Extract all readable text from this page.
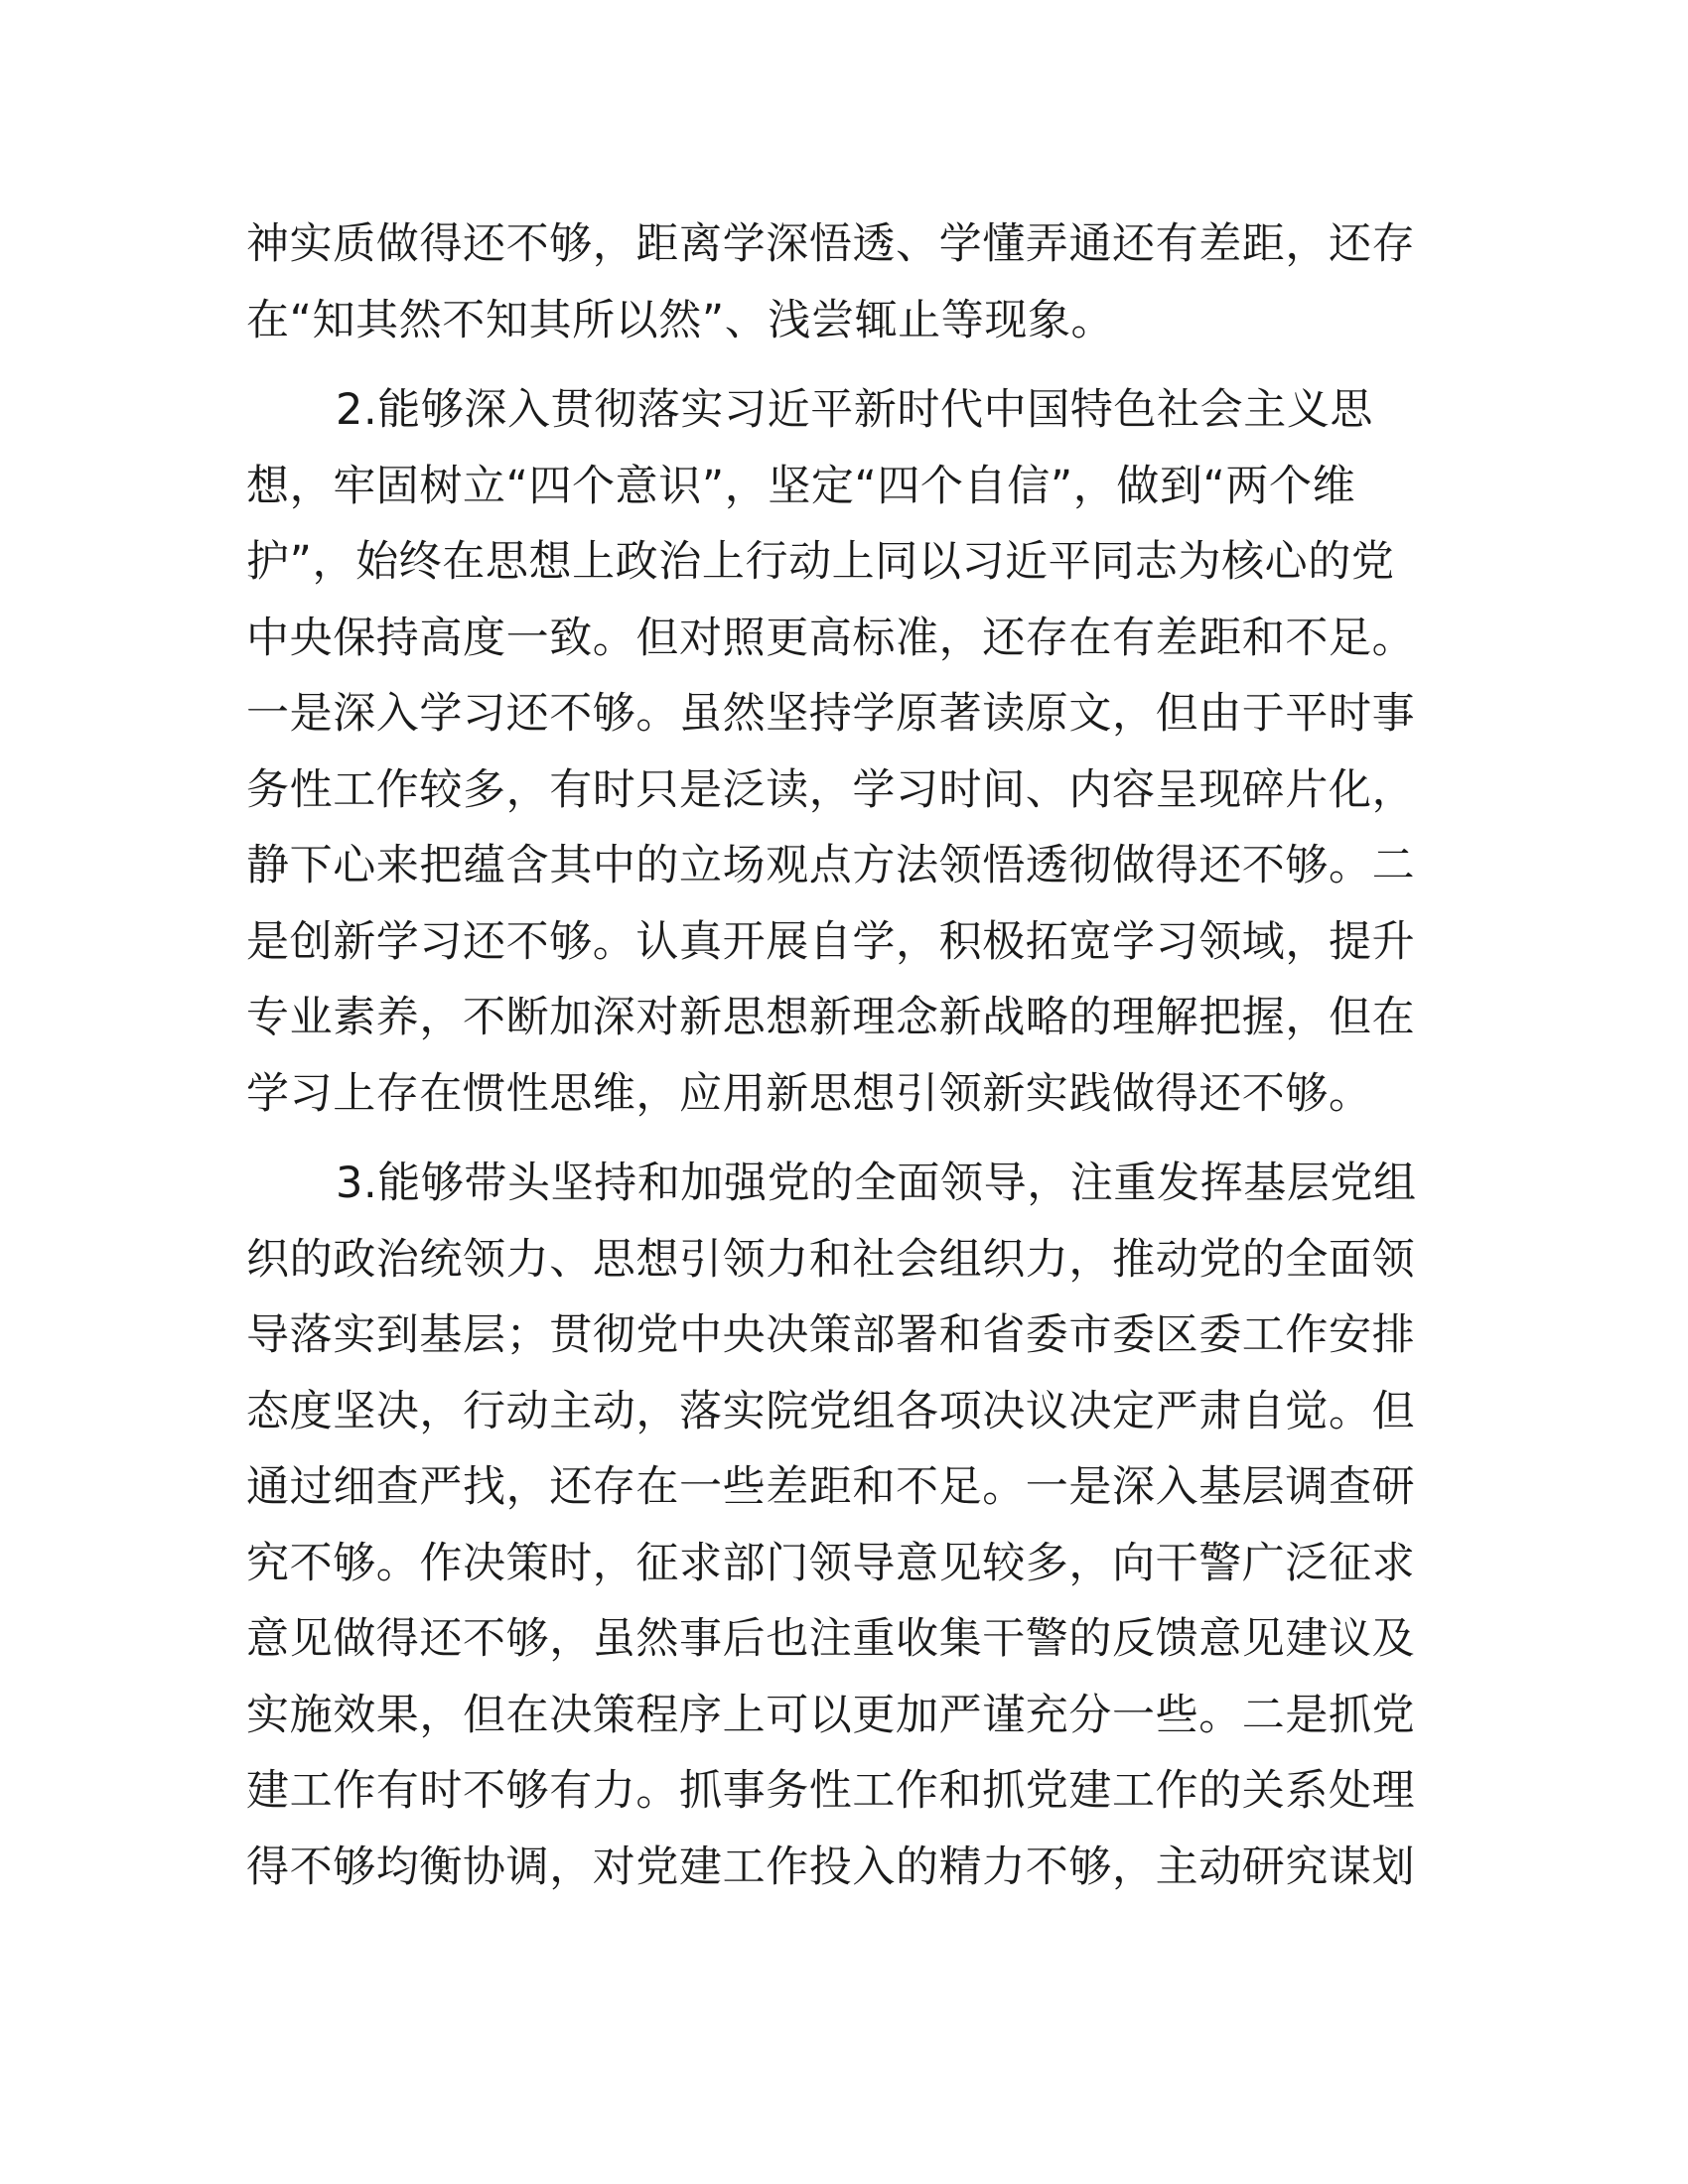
神实质做得还不够，距离学深悟透、学懂弄通还有差距，还存
在“知其然不知其所以然”、浅尝辄止等现象。
2.能够深入贯彻落实习近平新时代中国特色社会主义思
想，牢固树立“四个意识”，坚定“四个自信”，做到“两个维
护”，始终在思想上政治上行动上同以习近平同志为核心的党
中央保持高度一致。但对照更高标准，还存在有差距和不足。
一是深入学习还不够。虽然坚持学原著读原文，但由于平时事
务性工作较多，有时只是泛读，学习时间、内容呈现碎片化，
静下心来把蕴含其中的立场观点方法领悟透彻做得还不够。二
是创新学习还不够。认真开展自学，积极拓宽学习领域，提升
专业素养，不断加深对新思想新理念新战略的理解把握，但在
学习上存在惯性思维，应用新思想引领新实践做得还不够。
3.能够带头坚持和加强党的全面领导，注重发挥基层党组
织的政治统领力、思想引领力和社会组织力，推动党的全面领
导落实到基层；贯彻党中央决策部署和省委市委区委工作安排
态度坚决，行动主动，落实院党组各项决议决定严肃自觉。但
通过细查严找，还存在一些差距和不足。一是深入基层调查研
究不够。作决策时，征求部门领导意见较多，向干警广泛征求
意见做得还不够，虽然事后也注重收集干警的反馈意见建议及
实施效果，但在决策程序上可以更加严谨充分一些。二是抓党
建工作有时不够有力。抓事务性工作和抓党建工作的关系处理
得不够均衡协调，对党建工作投入的精力不够，主动研究谋划
